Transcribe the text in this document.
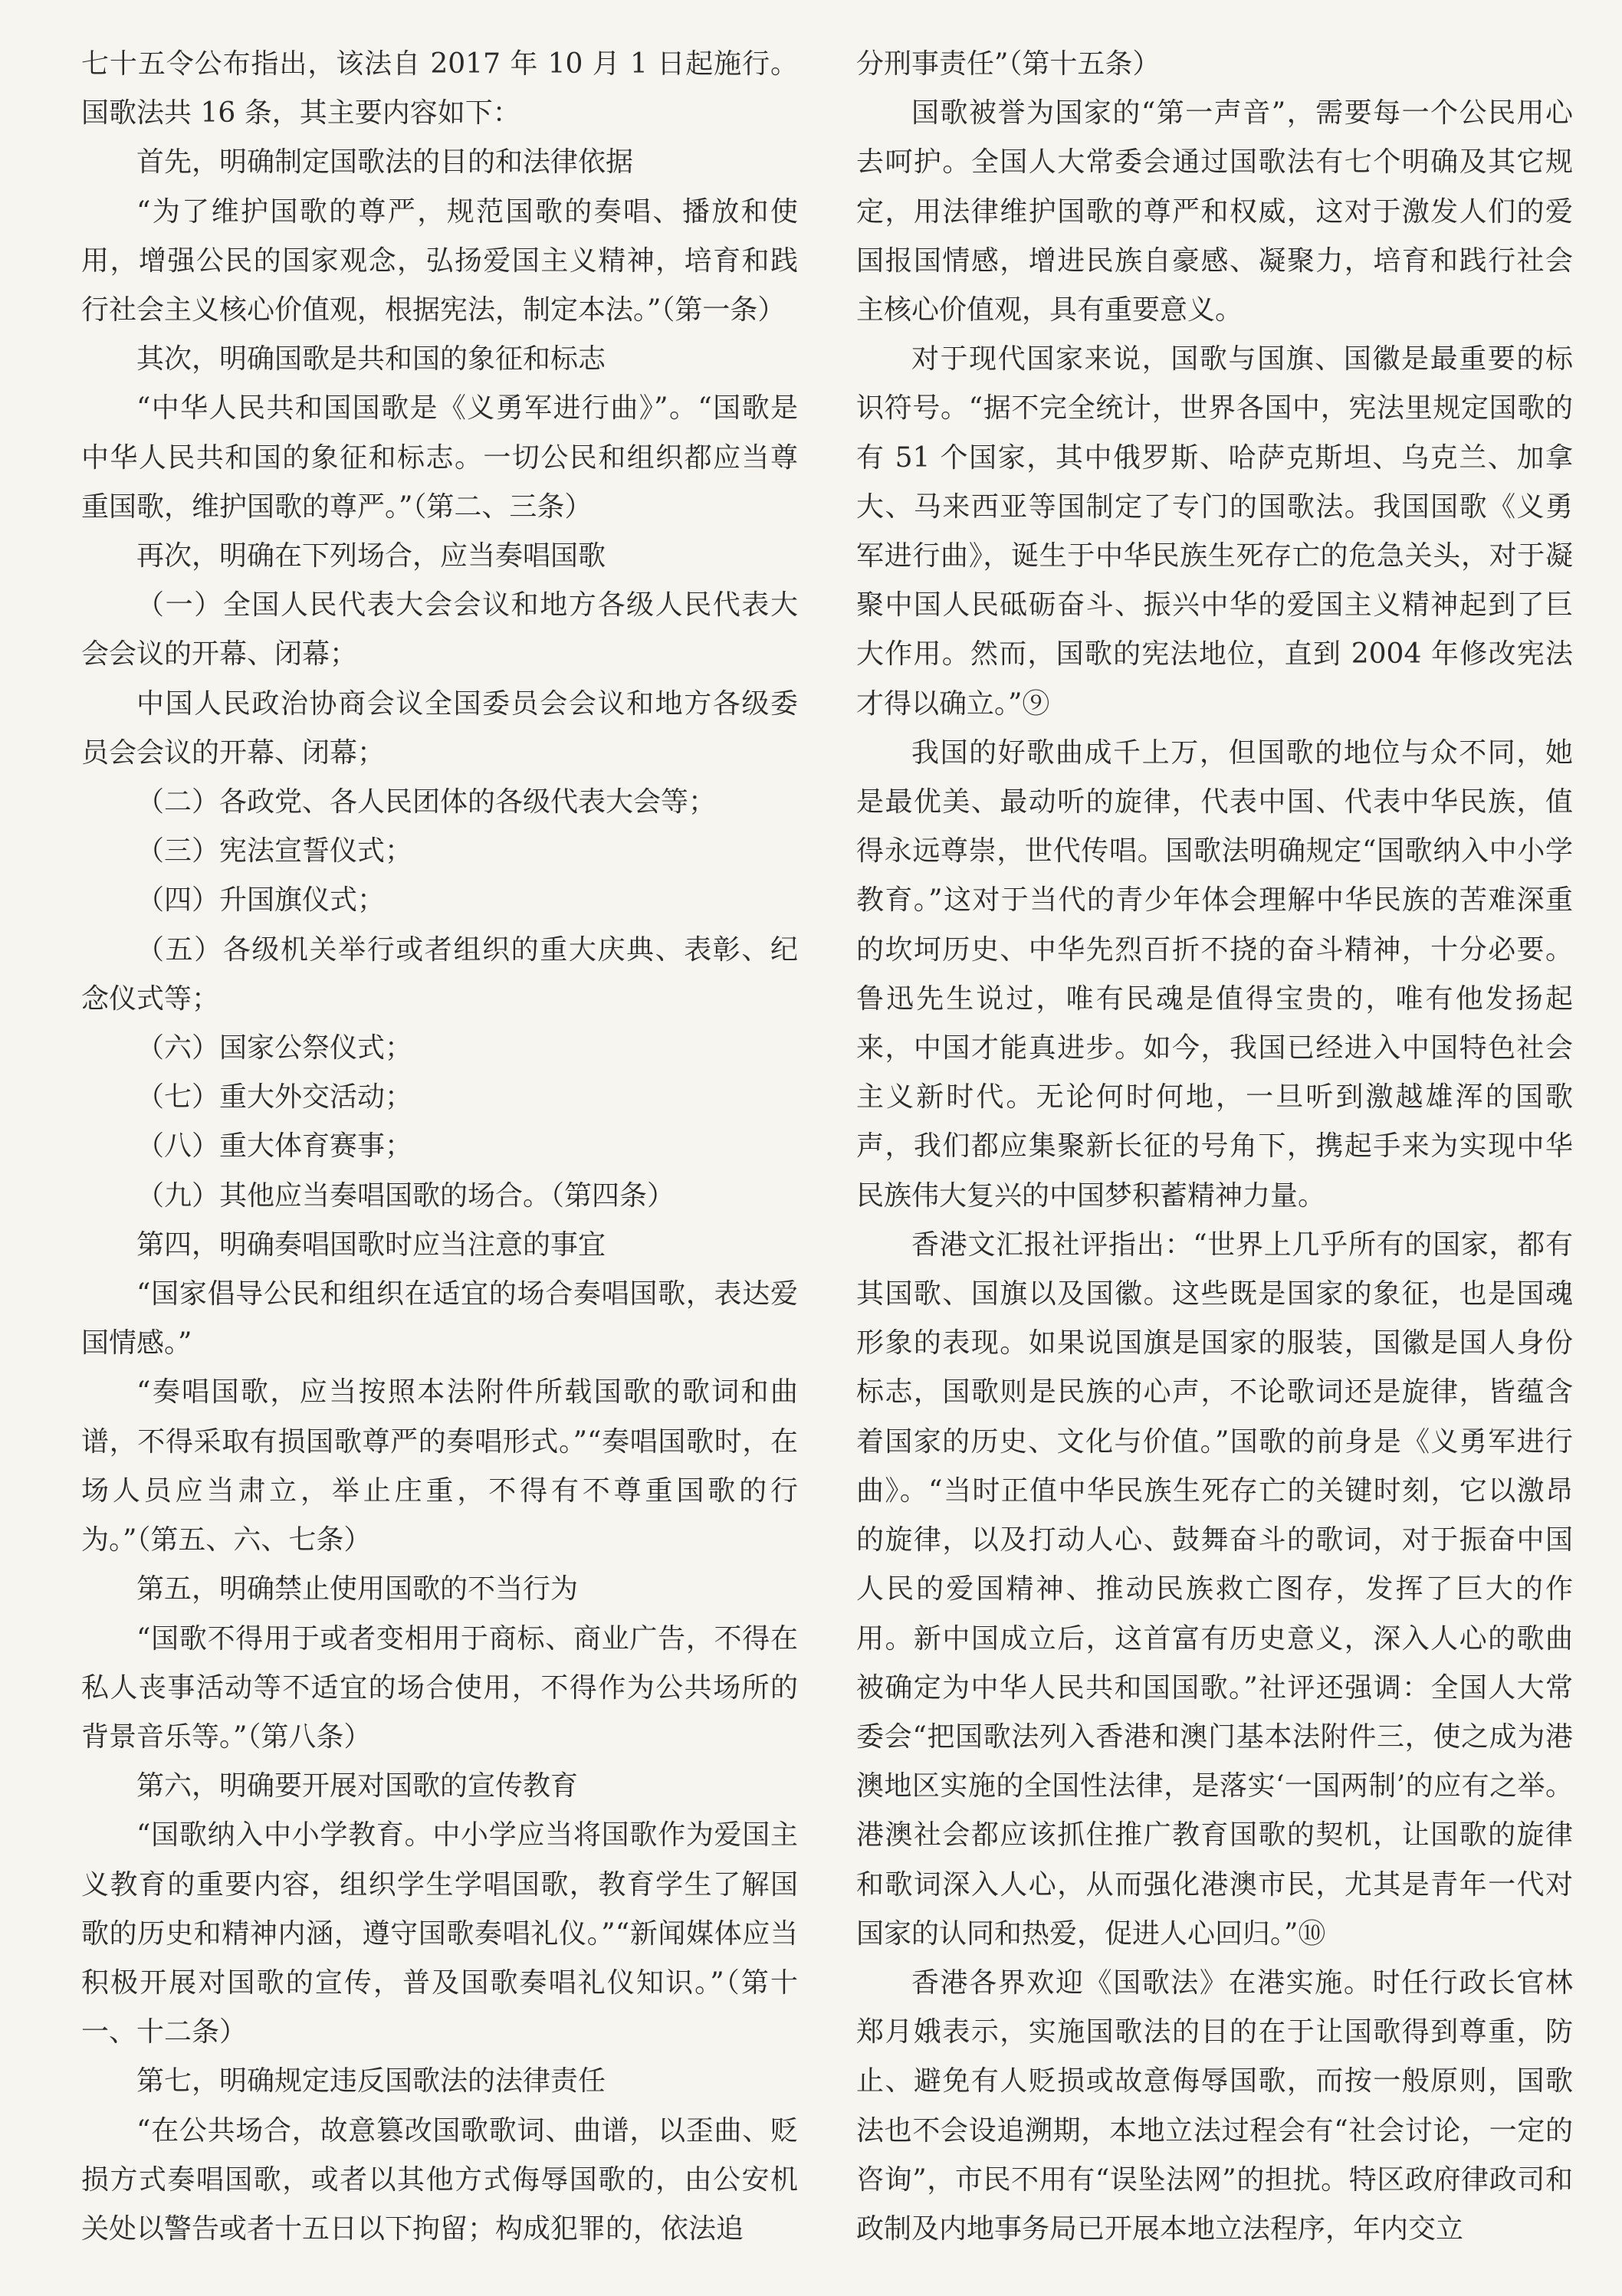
七十五令公布指出，该法自 2017 年 10 月 1 日起施行。国歌法共 16 条，其主要内容如下：

首先，明确制定国歌法的目的和法律依据

“为了维护国歌的尊严，规范国歌的奏唱、播放和使用，增强公民的国家观念，弘扬爱国主义精神，培育和践行社会主义核心价值观，根据宪法，制定本法。”（第一条）

其次，明确国歌是共和国的象征和标志

“中华人民共和国国歌是《义勇军进行曲》”。“国歌是中华人民共和国的象征和标志。一切公民和组织都应当尊重国歌，维护国歌的尊严。”（第二、三条）

再次，明确在下列场合，应当奏唱国歌

（一）全国人民代表大会会议和地方各级人民代表大会会议的开幕、闭幕；

中国人民政治协商会议全国委员会会议和地方各级委员会会议的开幕、闭幕；

（二）各政党、各人民团体的各级代表大会等；

（三）宪法宣誓仪式；

（四）升国旗仪式；

（五）各级机关举行或者组织的重大庆典、表彰、纪念仪式等；

（六）国家公祭仪式；

（七）重大外交活动；

（八）重大体育赛事；

（九）其他应当奏唱国歌的场合。（第四条）

第四，明确奏唱国歌时应当注意的事宜

“国家倡导公民和组织在适宜的场合奏唱国歌，表达爱国情感。”

“奏唱国歌，应当按照本法附件所载国歌的歌词和曲谱，不得采取有损国歌尊严的奏唱形式。”“奏唱国歌时，在场人员应当肃立，举止庄重，不得有不尊重国歌的行为。”（第五、六、七条）

第五，明确禁止使用国歌的不当行为

“国歌不得用于或者变相用于商标、商业广告，不得在私人丧事活动等不适宜的场合使用，不得作为公共场所的背景音乐等。”（第八条）

第六，明确要开展对国歌的宣传教育

“国歌纳入中小学教育。中小学应当将国歌作为爱国主义教育的重要内容，组织学生学唱国歌，教育学生了解国歌的历史和精神内涵，遵守国歌奏唱礼仪。”“新闻媒体应当积极开展对国歌的宣传，普及国歌奏唱礼仪知识。”（第十一、十二条）

第七，明确规定违反国歌法的法律责任

“在公共场合，故意篡改国歌歌词、曲谱，以歪曲、贬损方式奏唱国歌，或者以其他方式侮辱国歌的，由公安机关处以警告或者十五日以下拘留；构成犯罪的，依法追

分刑事责任”（第十五条）

国歌被誉为国家的“第一声音”，需要每一个公民用心去呵护。全国人大常委会通过国歌法有七个明确及其它规定，用法律维护国歌的尊严和权威，这对于激发人们的爱国报国情感，增进民族自豪感、凝聚力，培育和践行社会主核心价值观，具有重要意义。

对于现代国家来说，国歌与国旗、国徽是最重要的标识符号。“据不完全统计，世界各国中，宪法里规定国歌的有 51 个国家，其中俄罗斯、哈萨克斯坦、乌克兰、加拿大、马来西亚等国制定了专门的国歌法。我国国歌《义勇军进行曲》，诞生于中华民族生死存亡的危急关头，对于凝聚中国人民砥砺奋斗、振兴中华的爱国主义精神起到了巨大作用。然而，国歌的宪法地位，直到 2004 年修改宪法才得以确立。”⑨

我国的好歌曲成千上万，但国歌的地位与众不同，她是最优美、最动听的旋律，代表中国、代表中华民族，值得永远尊崇，世代传唱。国歌法明确规定“国歌纳入中小学教育。”这对于当代的青少年体会理解中华民族的苦难深重的坎坷历史、中华先烈百折不挠的奋斗精神，十分必要。鲁迅先生说过，唯有民魂是值得宝贵的，唯有他发扬起来，中国才能真进步。如今，我国已经进入中国特色社会主义新时代。无论何时何地，一旦听到激越雄浑的国歌声，我们都应集聚新长征的号角下，携起手来为实现中华民族伟大复兴的中国梦积蓄精神力量。

香港文汇报社评指出：“世界上几乎所有的国家，都有其国歌、国旗以及国徽。这些既是国家的象征，也是国魂形象的表现。如果说国旗是国家的服装，国徽是国人身份标志，国歌则是民族的心声，不论歌词还是旋律，皆蕴含着国家的历史、文化与价值。”国歌的前身是《义勇军进行曲》。“当时正值中华民族生死存亡的关键时刻，它以激昂的旋律，以及打动人心、鼓舞奋斗的歌词，对于振奋中国人民的爱国精神、推动民族救亡图存，发挥了巨大的作用。新中国成立后，这首富有历史意义，深入人心的歌曲被确定为中华人民共和国国歌。”社评还强调：全国人大常委会“把国歌法列入香港和澳门基本法附件三，使之成为港澳地区实施的全国性法律，是落实‘一国两制’的应有之举。港澳社会都应该抓住推广教育国歌的契机，让国歌的旋律和歌词深入人心，从而强化港澳市民，尤其是青年一代对国家的认同和热爱，促进人心回归。”⑩

香港各界欢迎《国歌法》在港实施。时任行政长官林郑月娥表示，实施国歌法的目的在于让国歌得到尊重，防止、避免有人贬损或故意侮辱国歌，而按一般原则，国歌法也不会设追溯期，本地立法过程会有“社会讨论，一定的咨询”，市民不用有“误坠法网”的担扰。特区政府律政司和政制及内地事务局已开展本地立法程序，年内交立
